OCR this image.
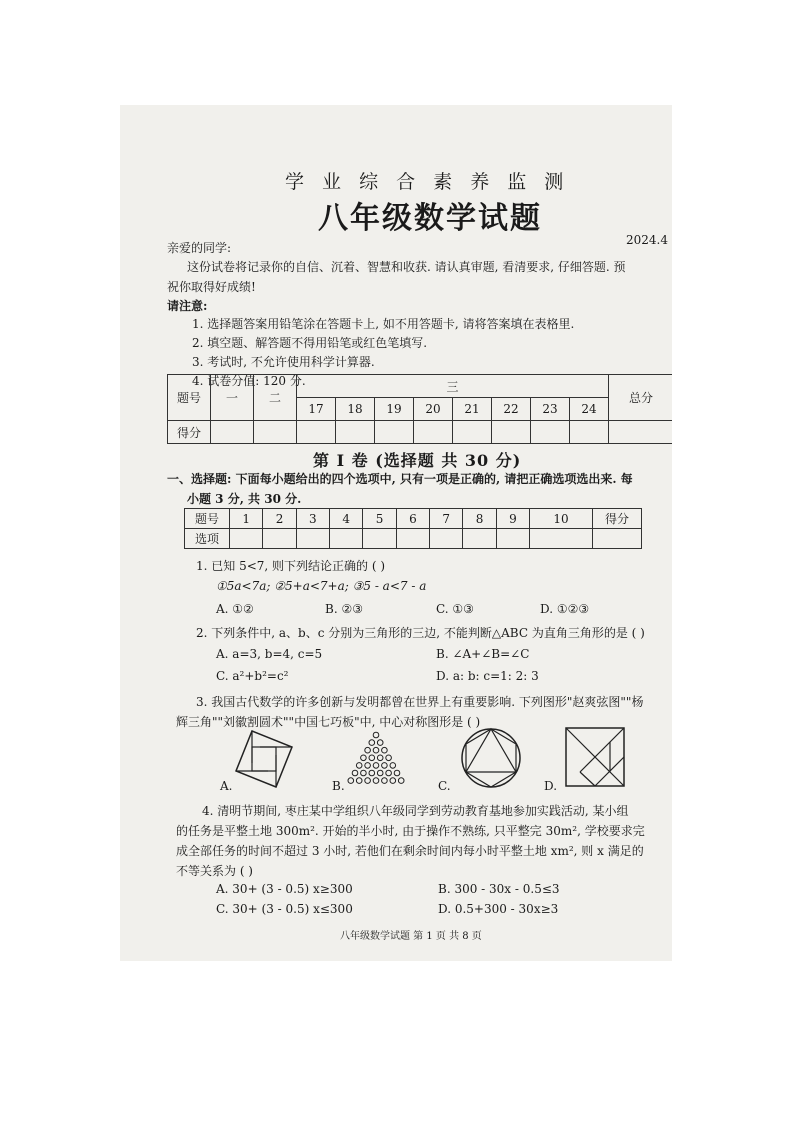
学 业 综 合 素 养 监 测
八年级数学试题
2024.4
亲爱的同学:
这份试卷将记录你的自信、沉着、智慧和收获. 请认真审题, 看清要求, 仔细答题. 预
祝你取得好成绩!
请注意:
1. 选择题答案用铅笔涂在答题卡上, 如不用答题卡, 请将答案填在表格里.
2. 填空题、解答题不得用铅笔或红色笔填写.
3. 考试时, 不允许使用科学计算器.
4. 试卷分值: 120 分.
题号	一	二	三								总分
			17	18	19	20	21	22	23	24	
得分											
第 I 卷 (选择题 共 30 分)
一、选择题: 下面每小题给出的四个选项中, 只有一项是正确的, 请把正确选项选出来. 每
小题 3 分, 共 30 分.
题号	1	2	3	4	5	6	7	8	9	10	得分
选项											
1. 已知 5<7, 则下列结论正确的 ( )
①5a<7a; ②5+a<7+a; ③5 - a<7 - a
A. ①②	B. ②③	C. ①③	D. ①②③
2. 下列条件中, a、b、c 分别为三角形的三边, 不能判断△ABC 为直角三角形的是 ( )
A. a=3, b=4, c=5	B. ∠A+∠B=∠C
C. a²+b²=c²	D. a: b: c=1: 2: 3
3. 我国古代数学的许多创新与发明都曾在世界上有重要影响. 下列图形"赵爽弦图""杨
辉三角""刘徽割圆术""中国七巧板"中, 中心对称图形是 ( )
A.	B.	C.	D.
4. 清明节期间, 枣庄某中学组织八年级同学到劳动教育基地参加实践活动, 某小组
的任务是平整土地 300m². 开始的半小时, 由于操作不熟练, 只平整完 30m², 学校要求完
成全部任务的时间不超过 3 小时, 若他们在剩余时间内每小时平整土地 xm², 则 x 满足的
不等关系为 ( )
A. 30+ (3 - 0.5) x≥300	B. 300 - 30x - 0.5≤3
C. 30+ (3 - 0.5) x≤300	D. 0.5+300 - 30x≥3
八年级数学试题 第 1 页 共 8 页
